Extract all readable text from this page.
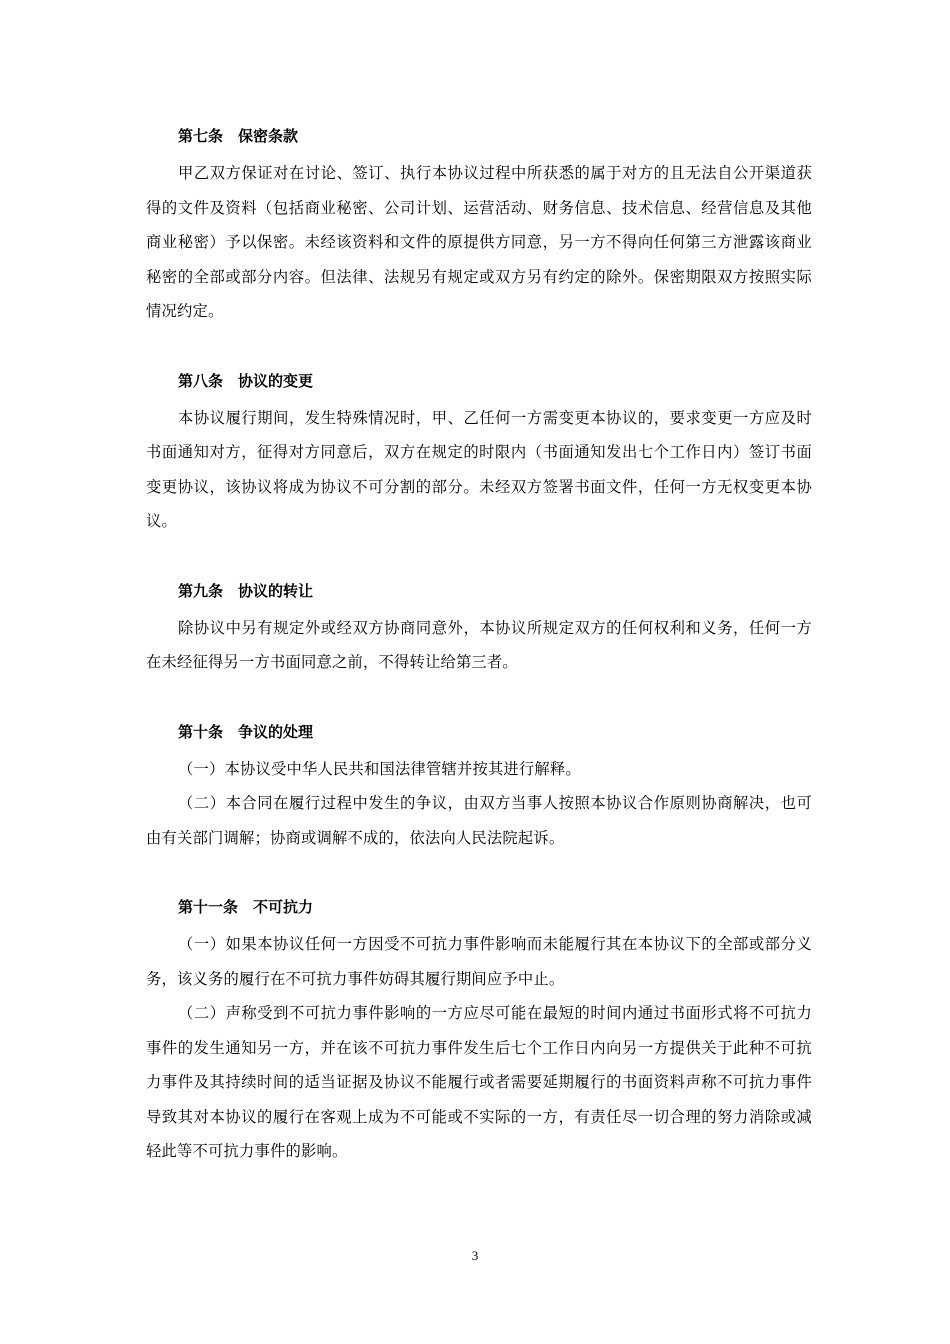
第七条　保密条款

甲乙双方保证对在讨论、签订、执行本协议过程中所获悉的属于对方的且无法自公开渠道获得的文件及资料（包括商业秘密、公司计划、运营活动、财务信息、技术信息、经营信息及其他商业秘密）予以保密。未经该资料和文件的原提供方同意，另一方不得向任何第三方泄露该商业秘密的全部或部分内容。但法律、法规另有规定或双方另有约定的除外。保密期限双方按照实际情况约定。

第八条　协议的变更

本协议履行期间，发生特殊情况时，甲、乙任何一方需变更本协议的，要求变更一方应及时书面通知对方，征得对方同意后，双方在规定的时限内（书面通知发出七个工作日内）签订书面变更协议，该协议将成为协议不可分割的部分。未经双方签署书面文件，任何一方无权变更本协议。

第九条　协议的转让

除协议中另有规定外或经双方协商同意外，本协议所规定双方的任何权利和义务，任何一方在未经征得另一方书面同意之前，不得转让给第三者。

第十条　争议的处理

（一）本协议受中华人民共和国法律管辖并按其进行解释。

（二）本合同在履行过程中发生的争议，由双方当事人按照本协议合作原则协商解决，也可由有关部门调解；协商或调解不成的，依法向人民法院起诉。

第十一条　不可抗力

（一）如果本协议任何一方因受不可抗力事件影响而未能履行其在本协议下的全部或部分义务，该义务的履行在不可抗力事件妨碍其履行期间应予中止。

（二）声称受到不可抗力事件影响的一方应尽可能在最短的时间内通过书面形式将不可抗力事件的发生通知另一方，并在该不可抗力事件发生后七个工作日内向另一方提供关于此种不可抗力事件及其持续时间的适当证据及协议不能履行或者需要延期履行的书面资料声称不可抗力事件导致其对本协议的履行在客观上成为不可能或不实际的一方，有责任尽一切合理的努力消除或减轻此等不可抗力事件的影响。

3
